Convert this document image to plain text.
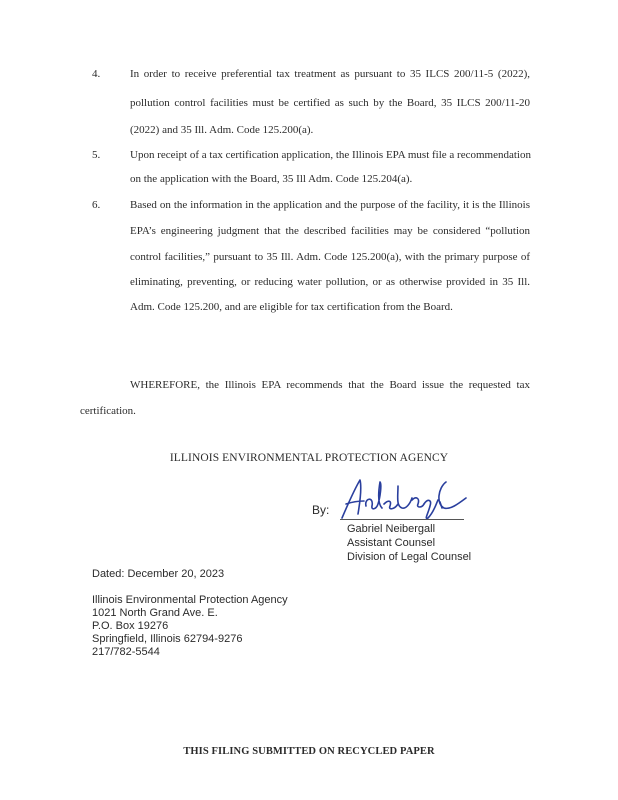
4.	In order to receive preferential tax treatment as pursuant to 35 ILCS 200/11-5 (2022),
pollution control facilities must be certified as such by the Board, 35 ILCS 200/11-20
(2022) and 35 Ill. Adm. Code 125.200(a).
5.	Upon receipt of a tax certification application, the Illinois EPA must file a recommendation
on the application with the Board, 35 Ill Adm. Code 125.204(a).
6.	Based on the information in the application and the purpose of the facility, it is the Illinois
EPA’s engineering judgment that the described facilities may be considered “pollution
control facilities,” pursuant to 35 Ill. Adm. Code 125.200(a), with the primary purpose of
eliminating, preventing, or reducing water pollution, or as otherwise provided in 35 Ill.
Adm. Code 125.200, and are eligible for tax certification from the Board.
WHEREFORE, the Illinois EPA recommends that the Board issue the requested tax
certification.
ILLINOIS ENVIRONMENTAL PROTECTION AGENCY
By:
Gabriel Neibergall
Assistant Counsel
Division of Legal Counsel
Dated: December 20, 2023
Illinois Environmental Protection Agency
1021 North Grand Ave. E.
P.O. Box 19276
Springfield, Illinois 62794-9276
217/782-5544
THIS FILING SUBMITTED ON RECYCLED PAPER
